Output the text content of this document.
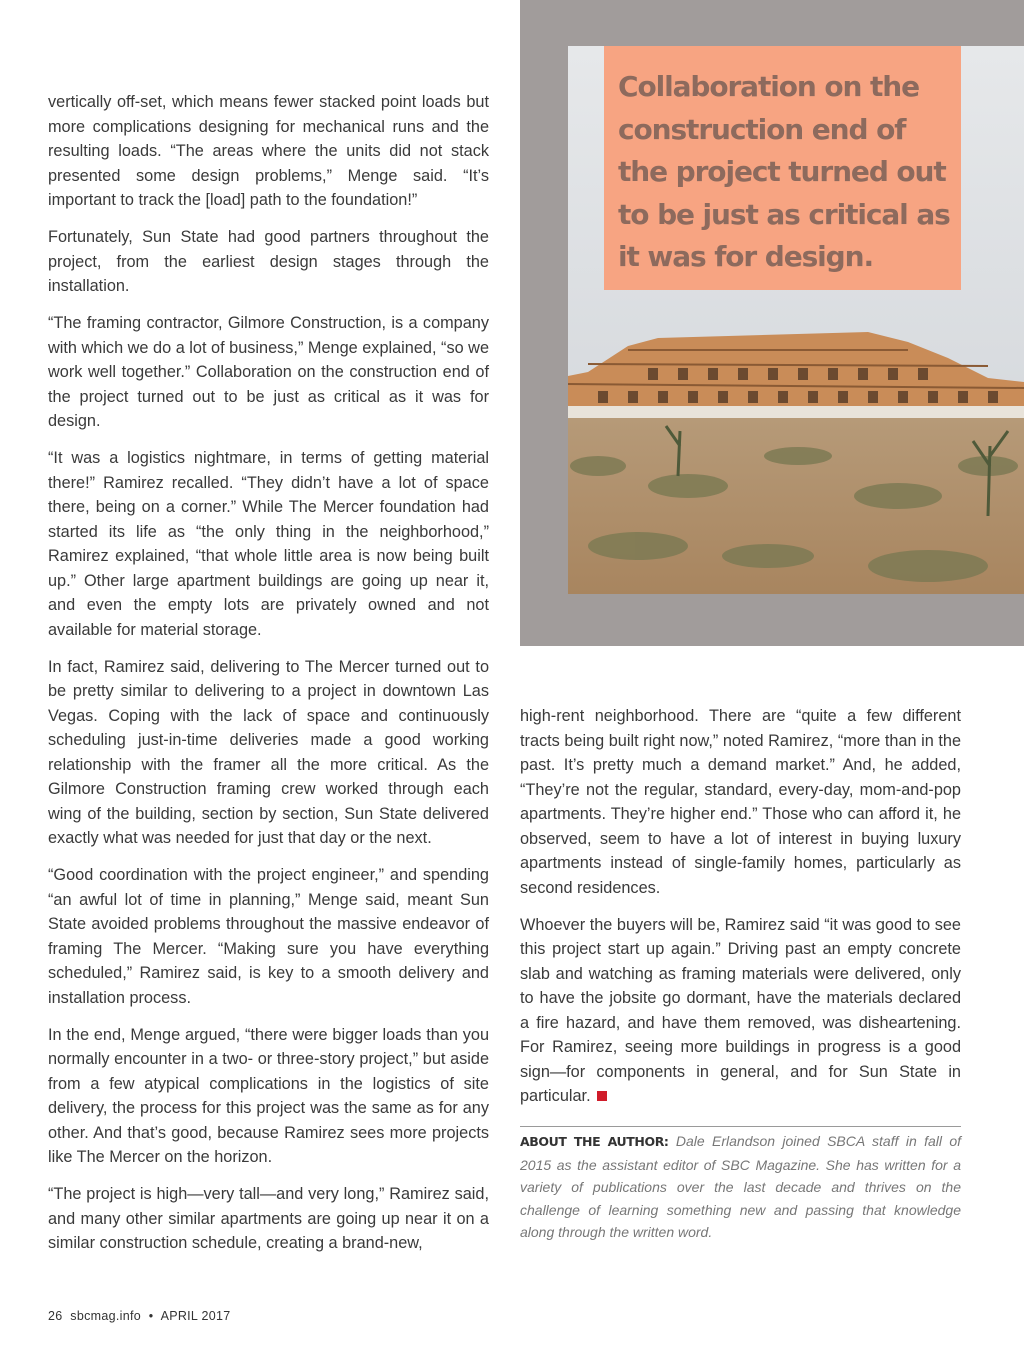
vertically off-set, which means fewer stacked point loads but more complications designing for mechanical runs and the resulting loads. “The areas where the units did not stack presented some design problems,” Menge said. “It’s important to track the [load] path to the foundation!”

Fortunately, Sun State had good partners throughout the project, from the earliest design stages through the installation.

“The framing contractor, Gilmore Construction, is a company with which we do a lot of business,” Menge explained, “so we work well together.” Collaboration on the construction end of the project turned out to be just as critical as it was for design.

“It was a logistics nightmare, in terms of getting material there!” Ramirez recalled. “They didn’t have a lot of space there, being on a corner.” While The Mercer foundation had started its life as “the only thing in the neighborhood,” Ramirez explained, “that whole little area is now being built up.” Other large apartment buildings are going up near it, and even the empty lots are privately owned and not available for material storage.

In fact, Ramirez said, delivering to The Mercer turned out to be pretty similar to delivering to a project in downtown Las Vegas. Coping with the lack of space and continuously scheduling just-in-time deliveries made a good working relationship with the framer all the more critical. As the Gilmore Construction framing crew worked through each wing of the building, section by section, Sun State delivered exactly what was needed for just that day or the next.

“Good coordination with the project engineer,” and spending “an awful lot of time in planning,” Menge said, meant Sun State avoided problems throughout the massive endeavor of framing The Mercer. “Making sure you have everything scheduled,” Ramirez said, is key to a smooth delivery and installation process.

In the end, Menge argued, “there were bigger loads than you normally encounter in a two- or three-story project,” but aside from a few atypical complications in the logistics of site delivery, the process for this project was the same as for any other. And that’s good, because Ramirez sees more projects like The Mercer on the horizon.

“The project is high—very tall—and very long,” Ramirez said, and many other similar apartments are going up near it on a similar construction schedule, creating a brand-new,

Collaboration on the construction end of the project turned out to be just as critical as it was for design.

high-rent neighborhood. There are “quite a few different tracts being built right now,” noted Ramirez, “more than in the past. It’s pretty much a demand market.” And, he added, “They’re not the regular, standard, every-day, mom-and-pop apartments. They’re higher end.” Those who can afford it, he observed, seem to have a lot of interest in buying luxury apartments instead of single-family homes, particularly as second residences.

Whoever the buyers will be, Ramirez said “it was good to see this project start up again.” Driving past an empty concrete slab and watching as framing materials were delivered, only to have the jobsite go dormant, have the materials declared a fire hazard, and have them removed, was disheartening. For Ramirez, seeing more buildings in progress is a good sign—for components in general, and for Sun State in particular.

ABOUT THE AUTHOR: Dale Erlandson joined SBCA staff in fall of 2015 as the assistant editor of SBC Magazine. She has written for a variety of publications over the last decade and thrives on the challenge of learning something new and passing that knowledge along through the written word.
26 sbcmag.info • APRIL 2017
